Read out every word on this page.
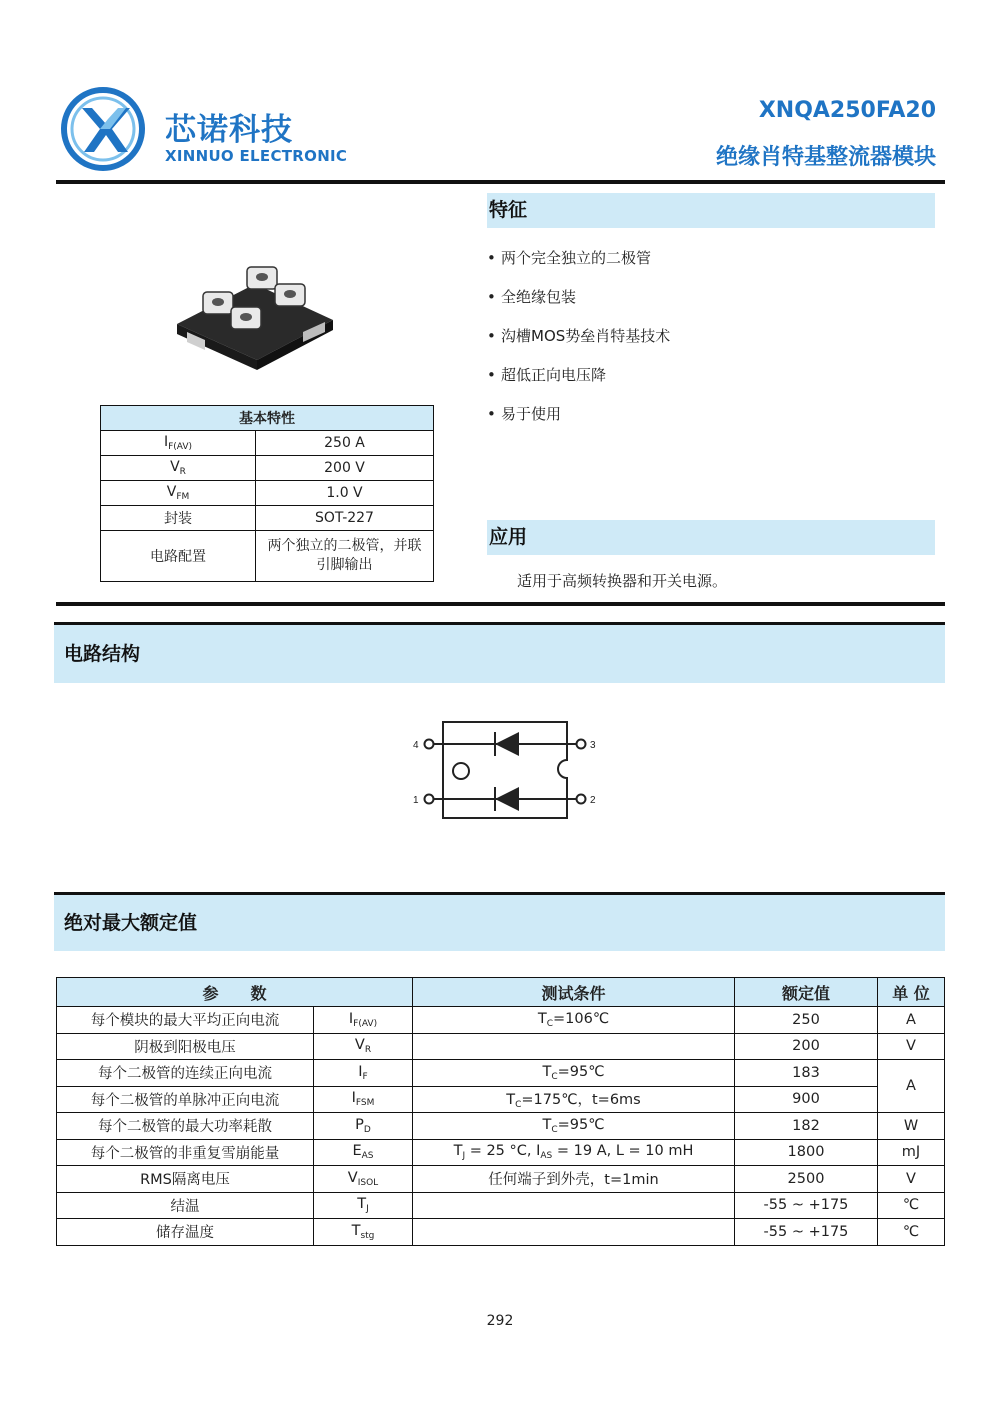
芯诺科技
XINNUO ELECTRONIC
XNQA250FA20
绝缘肖特基整流器模块
基本特性	
$I_{F(AV)}$	250 A
$V_R$	200 V
$V_{FM}$	1.0 V
封装	SOT-227
电路配置	两个独立的二极管，并联
引脚输出
特征
• 两个完全独立的二极管
• 全绝缘包装
• 沟槽MOS势垒肖特基技术
• 超低正向电压降
• 易于使用
应用
适用于高频转换器和开关电源。
电路结构
4	3
1	2
绝对最大额定值
参　　数		测试条件	额定值	单 位
每个模块的最大平均正向电流	$I_{F(AV)}$	$T_C=106℃$	250	A
阴极到阳极电压	$V_R$		200	V
每个二极管的连续正向电流	$I_F$	$T_C=95℃$	183	A
每个二极管的单脉冲正向电流	$I_{FSM}$	$T_C=175℃$，t=6ms	900	
每个二极管的最大功率耗散	$P_D$	$T_C=95℃$	182	W
每个二极管的非重复雪崩能量	$E_{AS}$	$T_J = 25$ °C, $I_{AS} = 19$ A, L = 10 mH	1800	mJ
RMS隔离电压	$V_{ISOL}$	任何端子到外壳，t=1min	2500	V
结温	$T_J$		-55 ~ +175	℃
储存温度	$T_{stg}$		-55 ~ +175	℃
292
